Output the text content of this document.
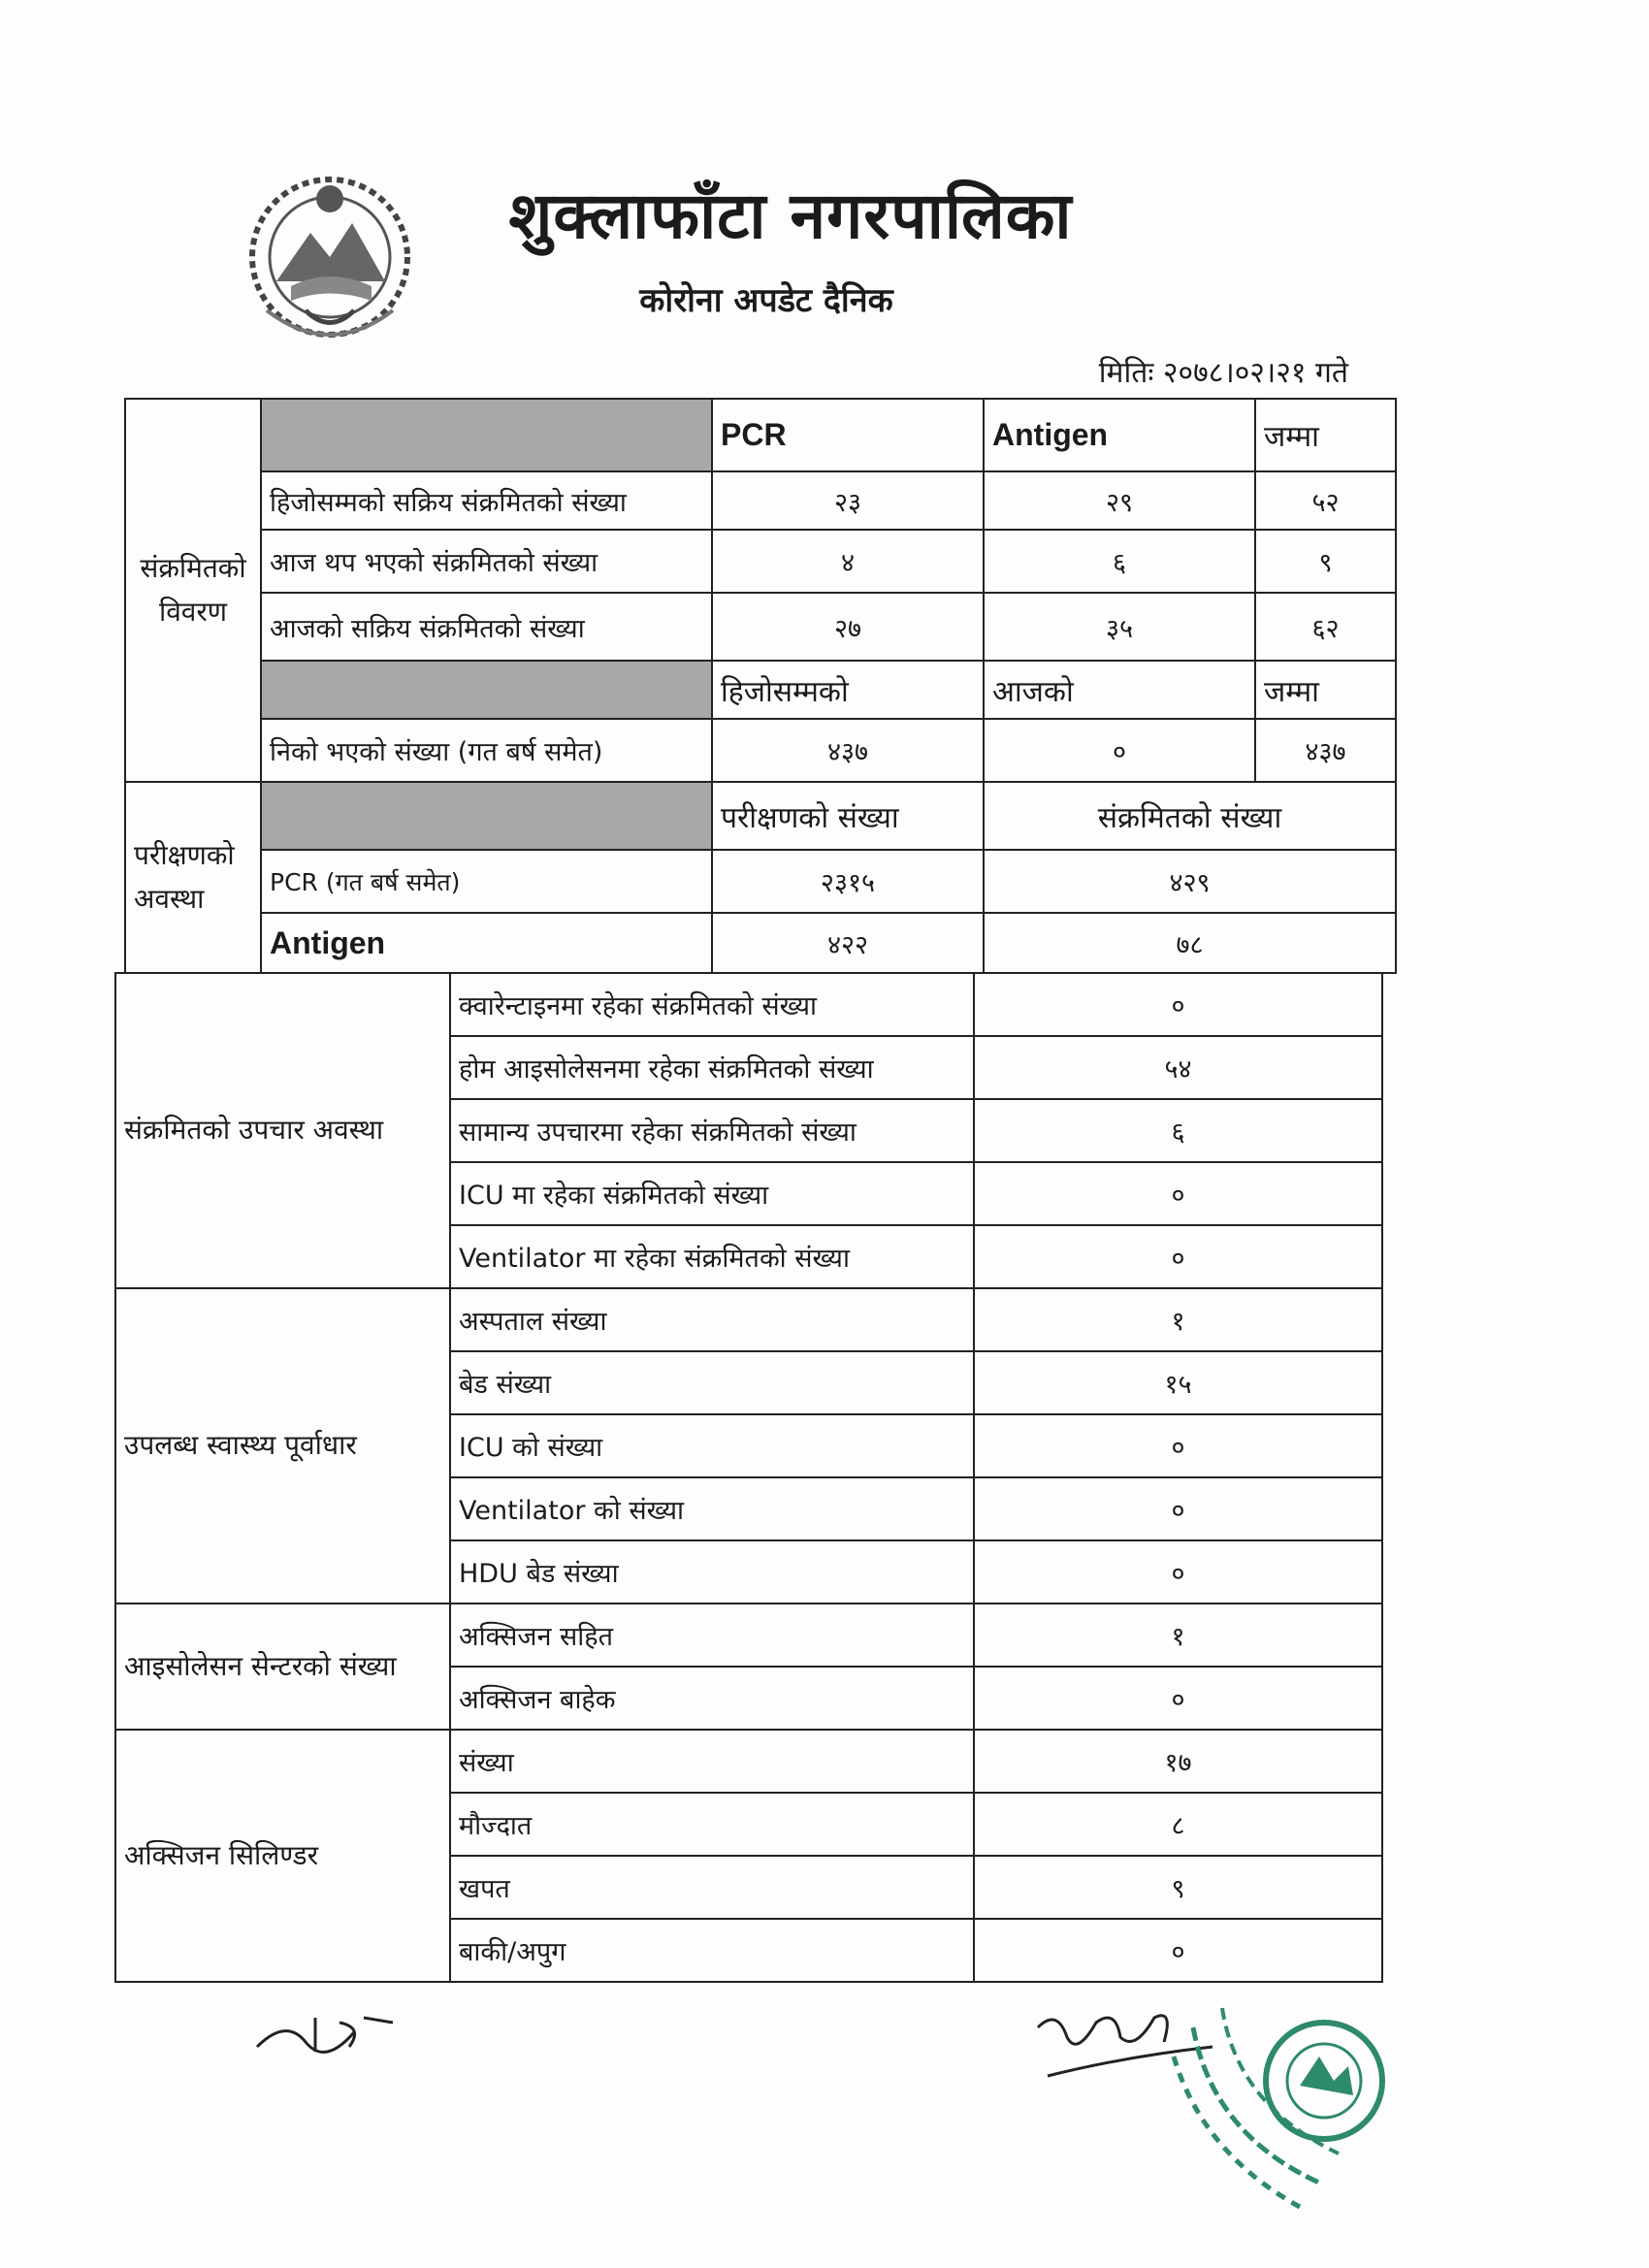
शुक्लाफाँटा नगरपालिका
कोरोना अपडेट दैनिक
मितिः २०७८।०२।२१ गते
संक्रमितको विवरण		PCR	Antigen	जम्मा
	हिजोसम्मको सक्रिय संक्रमितको संख्या	२३	२९	५२
	आज थप भएको संक्रमितको संख्या	४	६	९
	आजको सक्रिय संक्रमितको संख्या	२७	३५	६२
		हिजोसम्मको	आजको	जम्मा
	निको भएको संख्या (गत बर्ष समेत)	४३७	०	४३७
परीक्षणको अवस्था		परीक्षणको संख्या	संक्रमितको संख्या
	PCR (गत बर्ष समेत)	२३१५	४२९
	Antigen	४२२	७८
संक्रमितको उपचार अवस्था	क्वारेन्टाइनमा रहेका संक्रमितको संख्या	०
	होम आइसोलेसनमा रहेका संक्रमितको संख्या	५४
	सामान्य उपचारमा रहेका संक्रमितको संख्या	६
	ICU मा रहेका संक्रमितको संख्या	०
	Ventilator मा रहेका संक्रमितको संख्या	०
उपलब्ध स्वास्थ्य पूर्वाधार	अस्पताल संख्या	१
	बेड संख्या	१५
	ICU को संख्या	०
	Ventilator को संख्या	०
	HDU बेड संख्या	०
आइसोलेसन सेन्टरको संख्या	अक्सिजन सहित	१
	अक्सिजन बाहेक	०
अक्सिजन सिलिण्डर	संख्या	१७
	मौज्दात	८
	खपत	९
	बाकी/अपुग	०
